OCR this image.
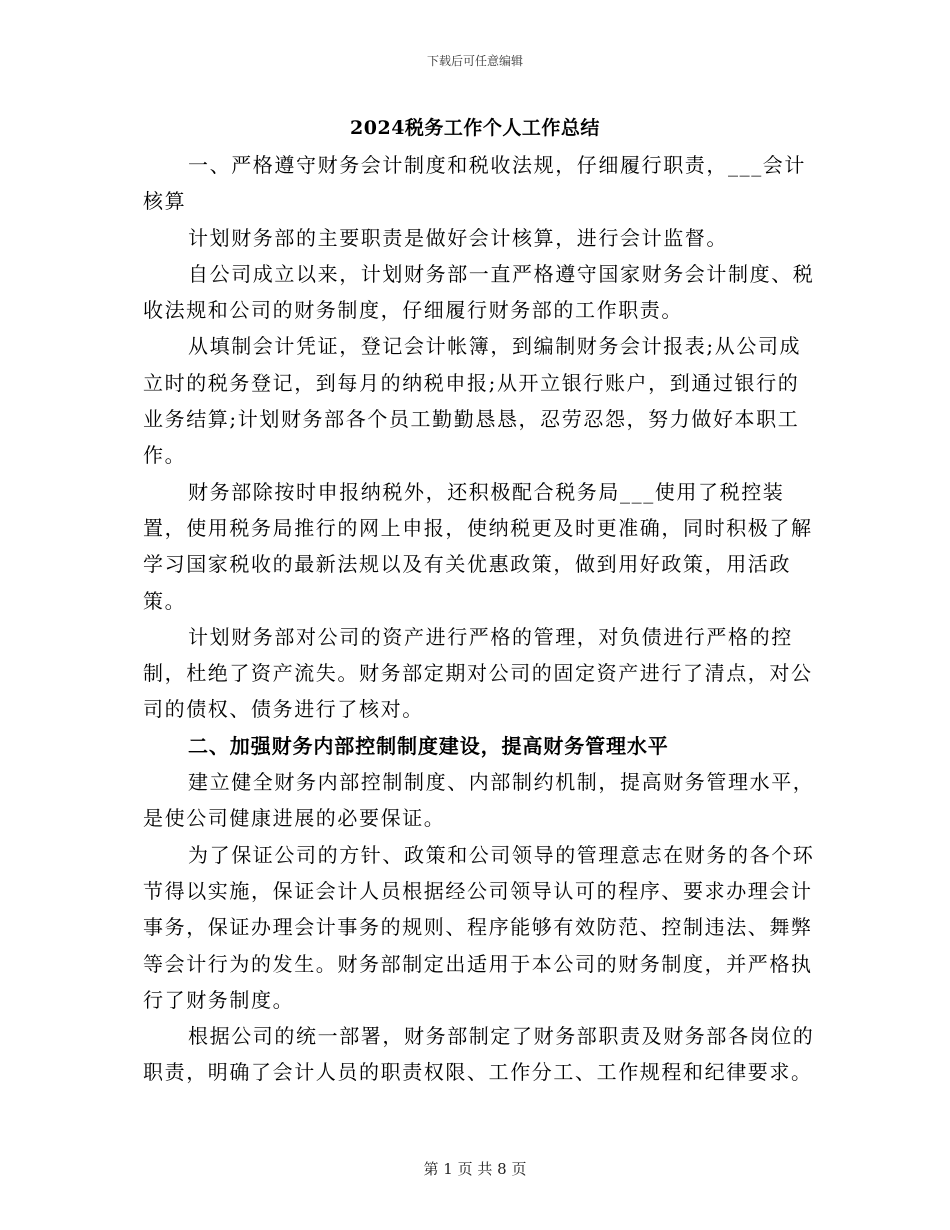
下载后可任意编辑
2024税务工作个人工作总结

一、严格遵守财务会计制度和税收法规，仔细履行职责，___会计核算

计划财务部的主要职责是做好会计核算，进行会计监督。

自公司成立以来，计划财务部一直严格遵守国家财务会计制度、税收法规和公司的财务制度，仔细履行财务部的工作职责。

从填制会计凭证，登记会计帐簿，到编制财务会计报表;从公司成立时的税务登记，到每月的纳税申报;从开立银行账户，到通过银行的业务结算;计划财务部各个员工勤勤恳恳，忍劳忍怨，努力做好本职工作。

财务部除按时申报纳税外，还积极配合税务局___使用了税控装置，使用税务局推行的网上申报，使纳税更及时更准确，同时积极了解学习国家税收的最新法规以及有关优惠政策，做到用好政策，用活政策。

计划财务部对公司的资产进行严格的管理，对负债进行严格的控制，杜绝了资产流失。财务部定期对公司的固定资产进行了清点，对公司的债权、债务进行了核对。

二、加强财务内部控制制度建设，提高财务管理水平

建立健全财务内部控制制度、内部制约机制，提高财务管理水平，是使公司健康进展的必要保证。

为了保证公司的方针、政策和公司领导的管理意志在财务的各个环节得以实施，保证会计人员根据经公司领导认可的程序、要求办理会计事务，保证办理会计事务的规则、程序能够有效防范、控制违法、舞弊等会计行为的发生。财务部制定出适用于本公司的财务制度，并严格执行了财务制度。

根据公司的统一部署，财务部制定了财务部职责及财务部各岗位的职责，明确了会计人员的职责权限、工作分工、工作规程和纪律要求。

第 1 页 共 8 页
